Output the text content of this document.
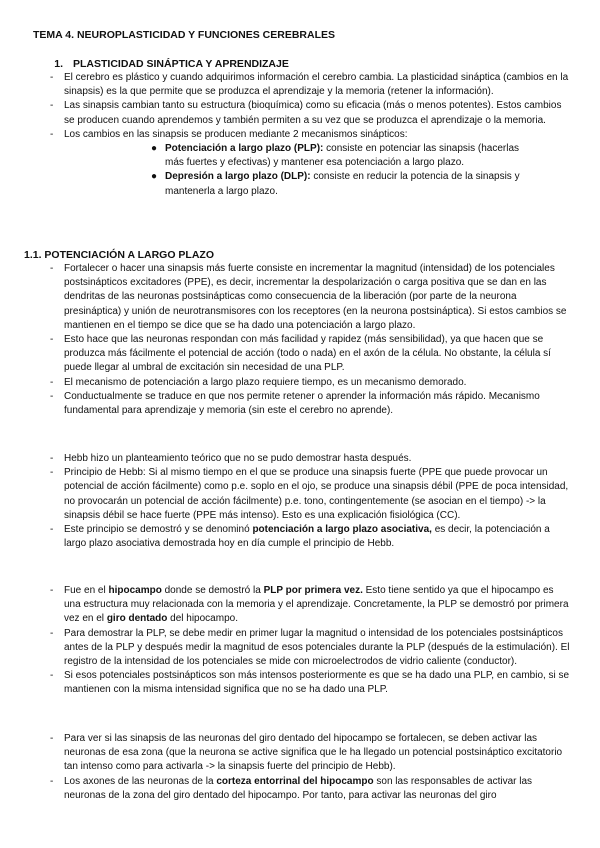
TEMA 4. NEUROPLASTICIDAD Y FUNCIONES CEREBRALES
1. PLASTICIDAD SINÁPTICA Y APRENDIZAJE
- El cerebro es plástico y cuando adquirimos información el cerebro cambia. La plasticidad sináptica (cambios en la sinapsis) es la que permite que se produzca el aprendizaje y la memoria (retener la información).
- Las sinapsis cambian tanto su estructura (bioquímica) como su eficacia (más o menos potentes). Estos cambios se producen cuando aprendemos y también permiten a su vez que se produzca el aprendizaje o la memoria.
- Los cambios en las sinapsis se producen mediante 2 mecanismos sinápticos:
● Potenciación a largo plazo (PLP): consiste en potenciar las sinapsis (hacerlas más fuertes y efectivas) y mantener esa potenciación a largo plazo.
● Depresión a largo plazo (DLP): consiste en reducir la potencia de la sinapsis y mantenerla a largo plazo.
1.1. POTENCIACIÓN A LARGO PLAZO
- Fortalecer o hacer una sinapsis más fuerte consiste en incrementar la magnitud (intensidad) de los potenciales postsinápticos excitadores (PPE), es decir, incrementar la despolarización o carga positiva que se dan en las dendritas de las neuronas postsinápticas como consecuencia de la liberación (por parte de la neurona presináptica) y unión de neurotransmisores con los receptores (en la neurona postsináptica). Si estos cambios se mantienen en el tiempo se dice que se ha dado una potenciación a largo plazo.
- Esto hace que las neuronas respondan con más facilidad y rapidez (más sensibilidad), ya que hacen que se produzca más fácilmente el potencial de acción (todo o nada) en el axón de la célula. No obstante, la célula sí puede llegar al umbral de excitación sin necesidad de una PLP.
- El mecanismo de potenciación a largo plazo requiere tiempo, es un mecanismo demorado.
- Conductualmente se traduce en que nos permite retener o aprender la información más rápido. Mecanismo fundamental para aprendizaje y memoria (sin este el cerebro no aprende).
- Hebb hizo un planteamiento teórico que no se pudo demostrar hasta después.
- Principio de Hebb: Si al mismo tiempo en el que se produce una sinapsis fuerte (PPE que puede provocar un potencial de acción fácilmente) como p.e. soplo en el ojo, se produce una sinapsis débil (PPE de poca intensidad, no provocarán un potencial de acción fácilmente) p.e. tono, contingentemente (se asocian en el tiempo) -> la sinapsis débil se hace fuerte (PPE más intenso). Esto es una explicación fisiológica (CC).
- Este principio se demostró y se denominó potenciación a largo plazo asociativa, es decir, la potenciación a largo plazo asociativa demostrada hoy en día cumple el principio de Hebb.
- Fue en el hipocampo donde se demostró la PLP por primera vez. Esto tiene sentido ya que el hipocampo es una estructura muy relacionada con la memoria y el aprendizaje. Concretamente, la PLP se demostró por primera vez en el giro dentado del hipocampo.
- Para demostrar la PLP, se debe medir en primer lugar la magnitud o intensidad de los potenciales postsinápticos antes de la PLP y después medir la magnitud de esos potenciales durante la PLP (después de la estimulación). El registro de la intensidad de los potenciales se mide con microelectrodos de vidrio caliente (conductor).
- Si esos potenciales postsinápticos son más intensos posteriormente es que se ha dado una PLP, en cambio, si se mantienen con la misma intensidad significa que no se ha dado una PLP.
- Para ver si las sinapsis de las neuronas del giro dentado del hipocampo se fortalecen, se deben activar las neuronas de esa zona (que la neurona se active significa que le ha llegado un potencial postsináptico excitatorio tan intenso como para activarla -> la sinapsis fuerte del principio de Hebb).
- Los axones de las neuronas de la corteza entorrinal del hipocampo son las responsables de activar las neuronas de la zona del giro dentado del hipocampo. Por tanto, para activar las neuronas del giro
